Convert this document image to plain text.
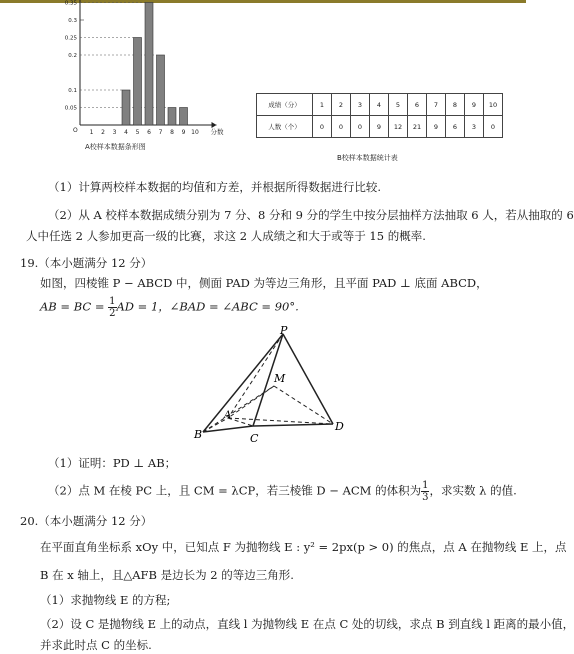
0.05
0.1
0.2
0.25
0.3
0.35
O 1 2 3 4 5 6 7 8 9 10 分数
A校样本数据条形图
成绩（分）	1	2	3	4	5	6	7	8	9	10
人数（个）	0	0	0	9	12	21	9	6	3	0
B校样本数据统计表
（1）计算两校样本数据的均值和方差，并根据所得数据进行比较.
（2）从 A 校样本数据成绩分别为 7 分、8 分和 9 分的学生中按分层抽样方法抽取 6 人，若从抽取的 6
人中任选 2 人参加更高一级的比赛，求这 2 人成绩之和大于或等于 15 的概率.
19.（本小题满分 12 分）
如图，四棱锥 P − ABCD 中，侧面 PAD 为等边三角形，且平面 PAD ⊥ 底面 ABCD，
AB = BC = $\frac{1}{2}$ AD = 1，∠BAD = ∠ABC = 90°.
P
M
A
B	C
D
（1）证明：PD ⊥ AB；
（2）点 M 在棱 PC 上，且 CM = λCP，若三棱锥 D − ACM 的体积为 $\frac{1}{3}$ ，求实数 λ 的值.
20.（本小题满分 12 分）
在平面直角坐标系 xOy 中，已知点 F 为抛物线 E : y² = 2px(p > 0) 的焦点，点 A 在抛物线 E 上，点
B 在 x 轴上，且△AFB 是边长为 2 的等边三角形.
（1）求抛物线 E 的方程;
（2）设 C 是抛物线 E 上的动点，直线 l 为抛物线 E 在点 C 处的切线，求点 B 到直线 l 距离的最小值，
并求此时点 C 的坐标.
